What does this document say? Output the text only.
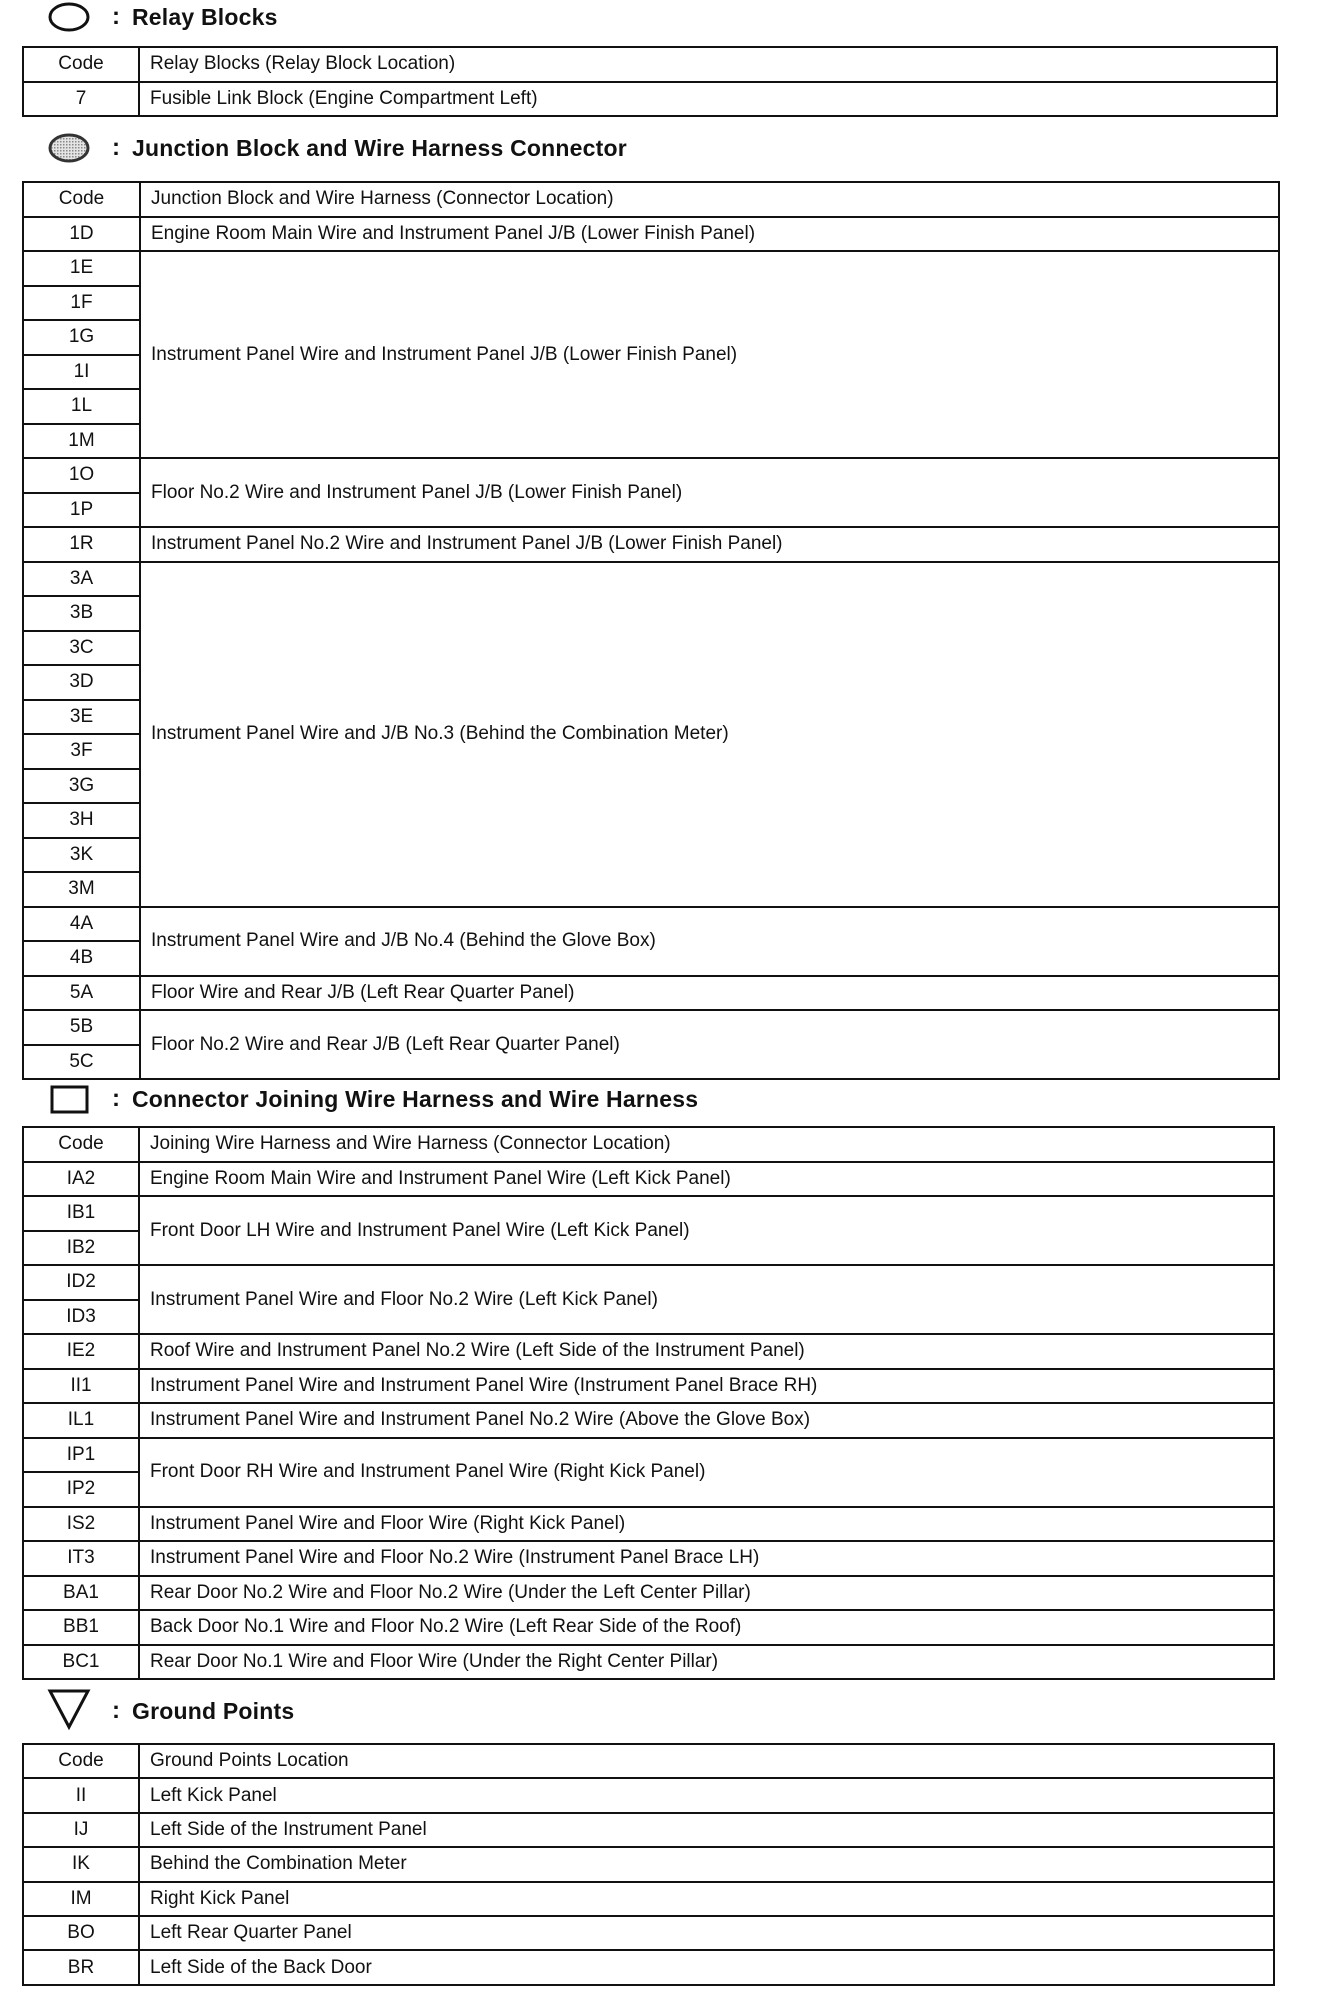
: Relay Blocks
Code	Relay Blocks (Relay Block Location)
7	Fusible Link Block (Engine Compartment Left)
: Junction Block and Wire Harness Connector
Code	Junction Block and Wire Harness (Connector Location)
1D	Engine Room Main Wire and Instrument Panel J/B (Lower Finish Panel)
1E	Instrument Panel Wire and Instrument Panel J/B (Lower Finish Panel)
1F	
1G	
1I	
1L	
1M	
1O	Floor No.2 Wire and Instrument Panel J/B (Lower Finish Panel)
1P	
1R	Instrument Panel No.2 Wire and Instrument Panel J/B (Lower Finish Panel)
3A	Instrument Panel Wire and J/B No.3 (Behind the Combination Meter)
3B	
3C	
3D	
3E	
3F	
3G	
3H	
3K	
3M	
4A	Instrument Panel Wire and J/B No.4 (Behind the Glove Box)
4B	
5A	Floor Wire and Rear J/B (Left Rear Quarter Panel)
5B	Floor No.2 Wire and Rear J/B (Left Rear Quarter Panel)
5C	
: Connector Joining Wire Harness and Wire Harness
Code	Joining Wire Harness and Wire Harness (Connector Location)
IA2	Engine Room Main Wire and Instrument Panel Wire (Left Kick Panel)
IB1	Front Door LH Wire and Instrument Panel Wire (Left Kick Panel)
IB2	
ID2	Instrument Panel Wire and Floor No.2 Wire (Left Kick Panel)
ID3	
IE2	Roof Wire and Instrument Panel No.2 Wire (Left Side of the Instrument Panel)
II1	Instrument Panel Wire and Instrument Panel Wire (Instrument Panel Brace RH)
IL1	Instrument Panel Wire and Instrument Panel No.2 Wire (Above the Glove Box)
IP1	Front Door RH Wire and Instrument Panel Wire (Right Kick Panel)
IP2	
IS2	Instrument Panel Wire and Floor Wire (Right Kick Panel)
IT3	Instrument Panel Wire and Floor No.2 Wire (Instrument Panel Brace LH)
BA1	Rear Door No.2 Wire and Floor No.2 Wire (Under the Left Center Pillar)
BB1	Back Door No.1 Wire and Floor No.2 Wire (Left Rear Side of the Roof)
BC1	Rear Door No.1 Wire and Floor Wire (Under the Right Center Pillar)
: Ground Points
Code	Ground Points Location
II	Left Kick Panel
IJ	Left Side of the Instrument Panel
IK	Behind the Combination Meter
IM	Right Kick Panel
BO	Left Rear Quarter Panel
BR	Left Side of the Back Door
